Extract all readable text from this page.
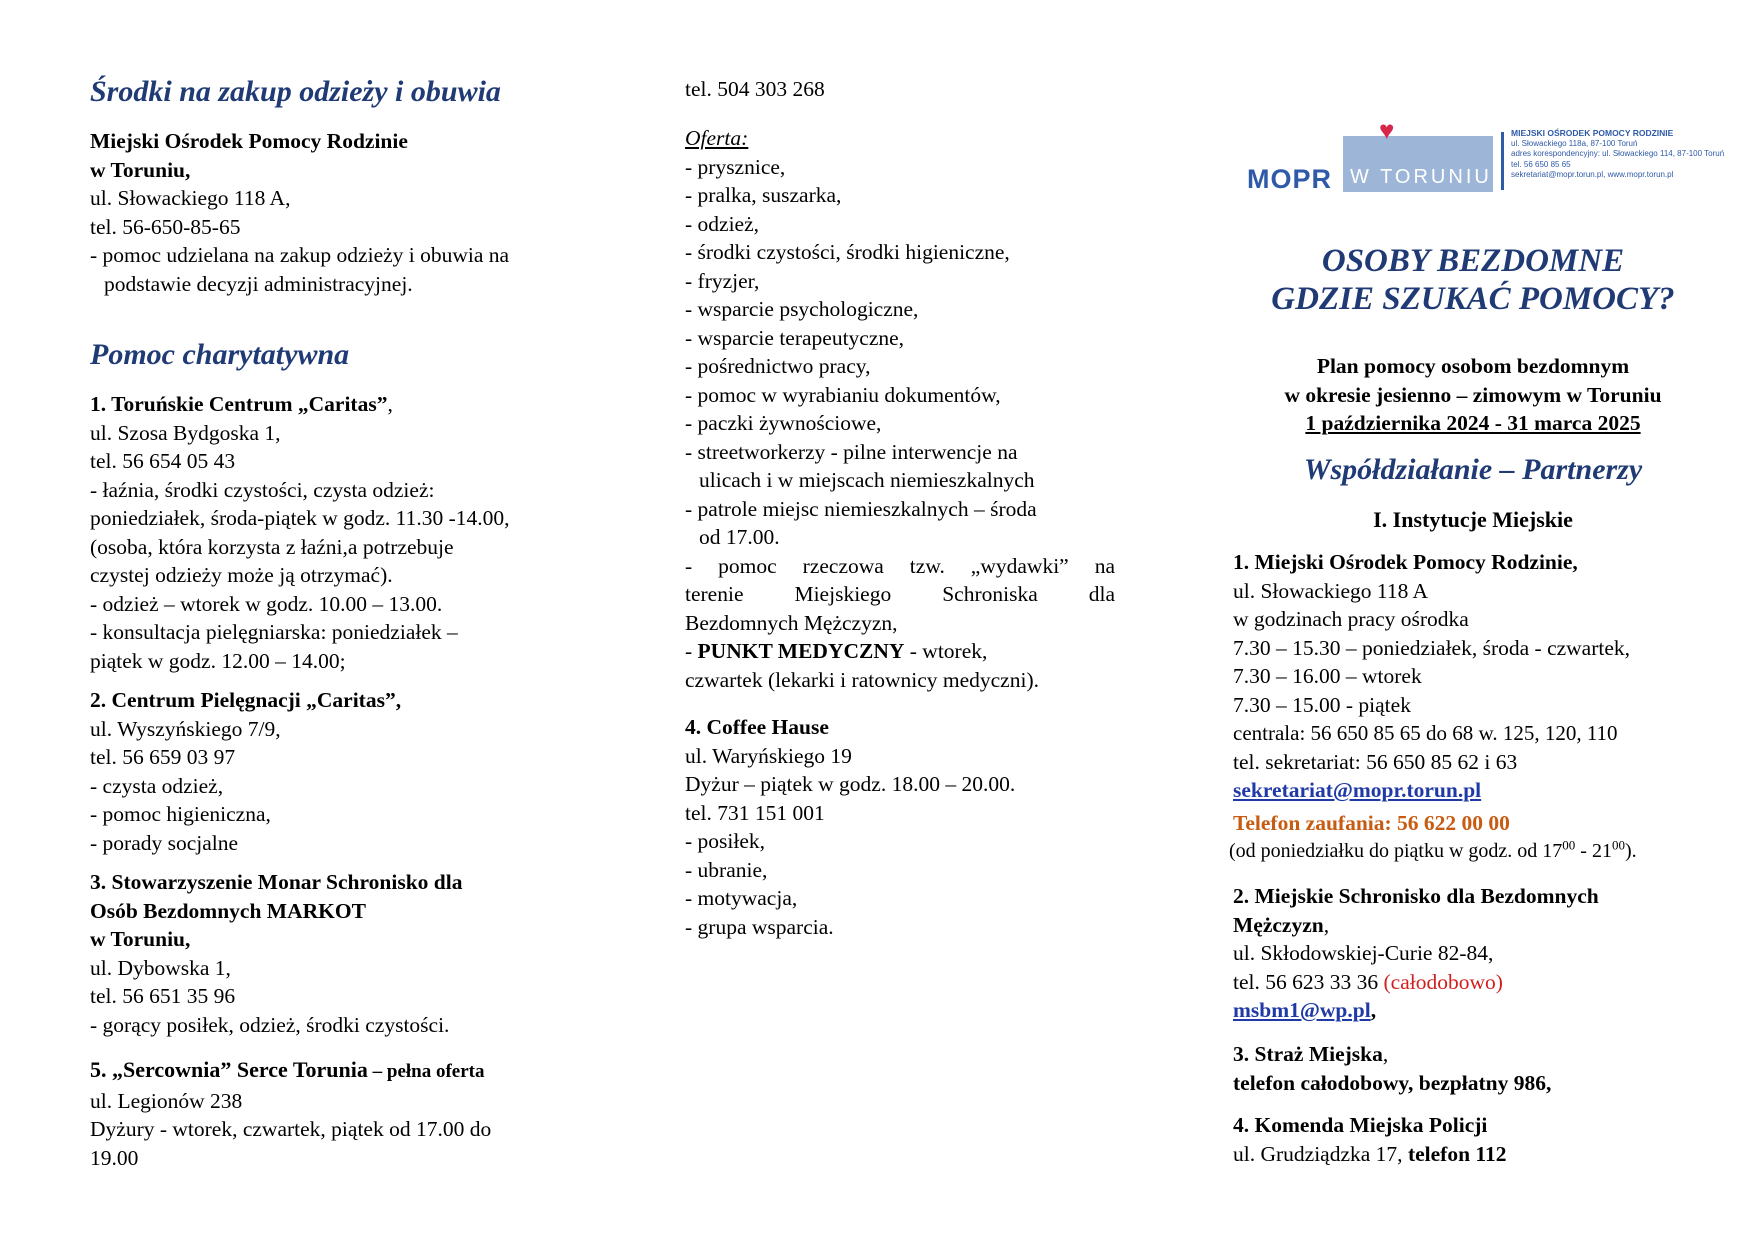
Środki na zakup odzieży i obuwia

Miejski Ośrodek Pomocy Rodzinie

w Toruniu,

ul. Słowackiego 118 A,

tel. 56-650-85-65

- pomoc udzielana na zakup odzieży i obuwia na

podstawie decyzji administracyjnej.

Pomoc charytatywna

1. Toruńskie Centrum „Caritas”,

ul. Szosa Bydgoska 1,

tel. 56 654 05 43

- łaźnia, środki czystości, czysta odzież:

poniedziałek, środa-piątek w godz. 11.30 -14.00,

(osoba, która korzysta z łaźni,a potrzebuje

czystej odzieży może ją otrzymać).

- odzież – wtorek w godz. 10.00 – 13.00.

- konsultacja pielęgniarska: poniedziałek –

piątek w godz. 12.00 – 14.00;

2. Centrum Pielęgnacji „Caritas”,

ul. Wyszyńskiego 7/9,

tel. 56 659 03 97

- czysta odzież,

- pomoc higieniczna,

- porady socjalne

3. Stowarzyszenie Monar Schronisko dla

Osób Bezdomnych MARKOT

w Toruniu,

ul. Dybowska 1,

tel. 56 651 35 96

- gorący posiłek, odzież, środki czystości.

5. „Sercownia” Serce Torunia – pełna oferta

ul. Legionów 238

Dyżury - wtorek, czwartek, piątek od 17.00 do

19.00

tel. 504 303 268

Oferta:

- prysznice,

- pralka, suszarka,

- odzież,

- środki czystości, środki higieniczne,

- fryzjer,

- wsparcie psychologiczne,

- wsparcie terapeutyczne,

- pośrednictwo pracy,

- pomoc w wyrabianiu dokumentów,

- paczki żywnościowe,

- streetworkerzy - pilne interwencje na

ulicach i w miejscach niemieszkalnych

- patrole miejsc niemieszkalnych – środa

od 17.00.

- pomoc rzeczowa tzw. „wydawki” na

terenie Miejskiego Schroniska dla

Bezdomnych Mężczyzn,

- PUNKT MEDYCZNY - wtorek,

czwartek (lekarki i ratownicy medyczni).

4. Coffee Hause

ul. Waryńskiego 19

Dyżur – piątek w godz. 18.00 – 20.00.

tel. 731 151 001

- posiłek,

- ubranie,

- motywacja,

- grupa wsparcia.

♥
MOPR W TORUNIU
MIEJSKI OŚRODEK POMOCY RODZINIE
ul. Słowackiego 118a, 87-100 Toruń
adres korespondencyjny: ul. Słowackiego 114, 87-100 Toruń
tel. 56 650 85 65
sekretariat@mopr.torun.pl, www.mopr.torun.pl

OSOBY BEZDOMNE

GDZIE SZUKAĆ POMOCY?

Plan pomocy osobom bezdomnym

w okresie jesienno – zimowym w Toruniu

1 października 2024 - 31 marca 2025

Współdziałanie – Partnerzy
I. Instytucje Miejskie

1. Miejski Ośrodek Pomocy Rodzinie,

ul. Słowackiego 118 A

w godzinach pracy ośrodka

7.30 – 15.30 – poniedziałek, środa - czwartek,

7.30 – 16.00 – wtorek

7.30 – 15.00 - piątek

centrala: 56 650 85 65 do 68 w. 125, 120, 110

tel. sekretariat: 56 650 85 62 i 63

sekretariat@mopr.torun.pl

Telefon zaufania: 56 622 00 00

(od poniedziałku do piątku w godz. od $17^{00} - 21^{00}$).

2. Miejskie Schronisko dla Bezdomnych

Mężczyzn,

ul. Skłodowskiej-Curie 82-84,

tel. 56 623 33 36 (całodobowo)

msbm1@wp.pl,

3. Straż Miejska,

telefon całodobowy, bezpłatny 986,

4. Komenda Miejska Policji

ul. Grudziądzka 17, telefon 112
